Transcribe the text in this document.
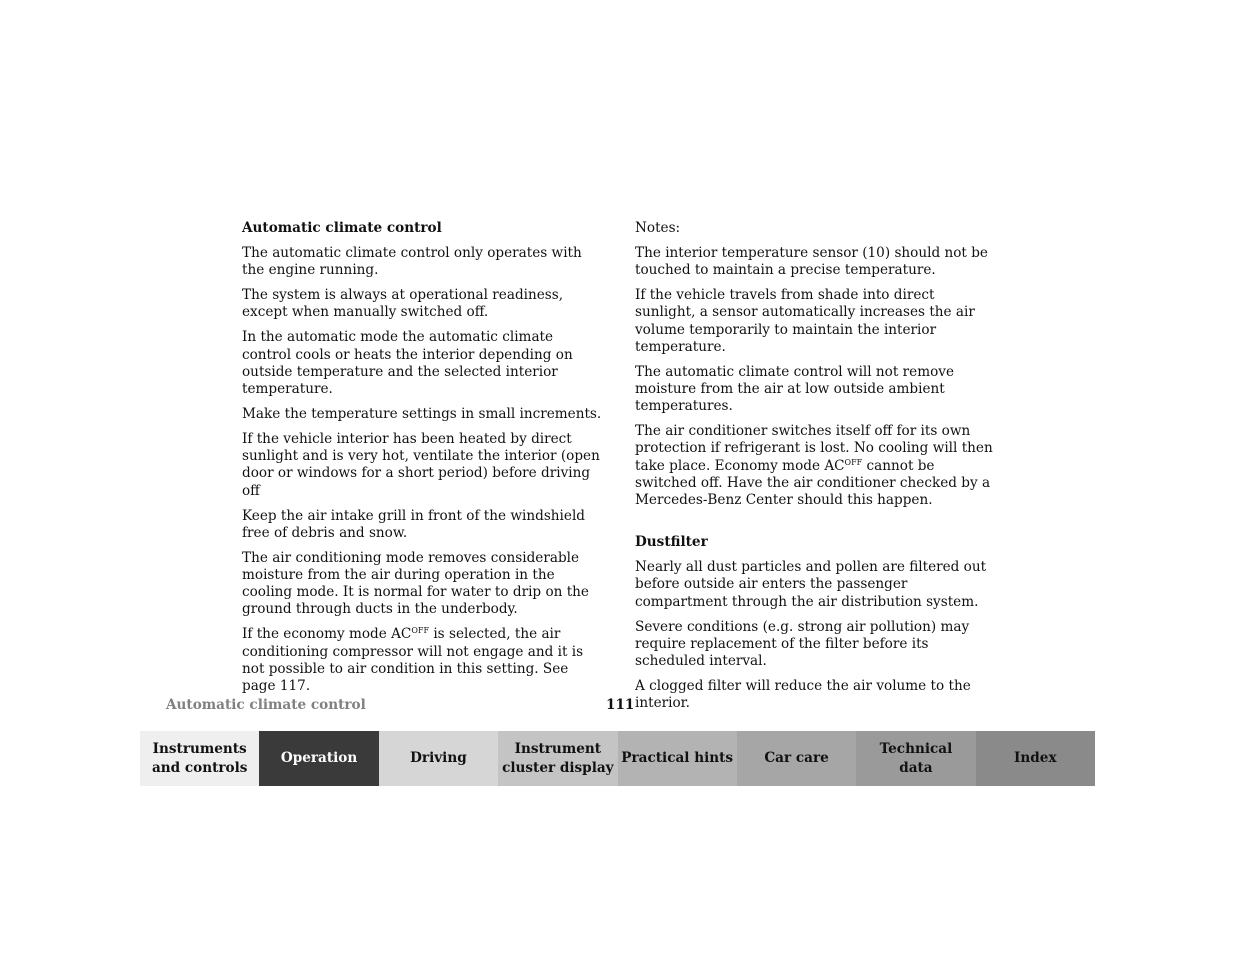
Automatic climate control

The automatic climate control only operates with the engine running.

The system is always at operational readiness, except when manually switched off.

In the automatic mode the automatic climate control cools or heats the interior depending on outside temperature and the selected interior temperature.

Make the temperature settings in small increments.

If the vehicle interior has been heated by direct sunlight and is very hot, ventilate the interior (open door or windows for a short period) before driving off

Keep the air intake grill in front of the windshield free of debris and snow.

The air conditioning mode removes considerable moisture from the air during operation in the cooling mode. It is normal for water to drip on the ground through ducts in the underbody.

If the economy mode $AC^{OFF}$ is selected, the air conditioning compressor will not engage and it is not possible to air condition in this setting. See page 117.

Notes:

The interior temperature sensor (10) should not be touched to maintain a precise temperature.

If the vehicle travels from shade into direct sunlight, a sensor automatically increases the air volume temporarily to maintain the interior temperature.

The automatic climate control will not remove moisture from the air at low outside ambient temperatures.

The air conditioner switches itself off for its own protection if refrigerant is lost. No cooling will then take place. Economy mode $AC^{OFF}$ cannot be switched off. Have the air conditioner checked by a Mercedes-Benz Center should this happen.

Dustfilter

Nearly all dust particles and pollen are filtered out before outside air enters the passenger compartment through the air distribution system.

Severe conditions (e.g. strong air pollution) may require replacement of the filter before its scheduled interval.

A clogged filter will reduce the air volume to the interior.

Automatic climate control	111
Instruments
and controls
Operation	Driving
Instrument
cluster display
Practical hints	Car care
Technical
data
Index
